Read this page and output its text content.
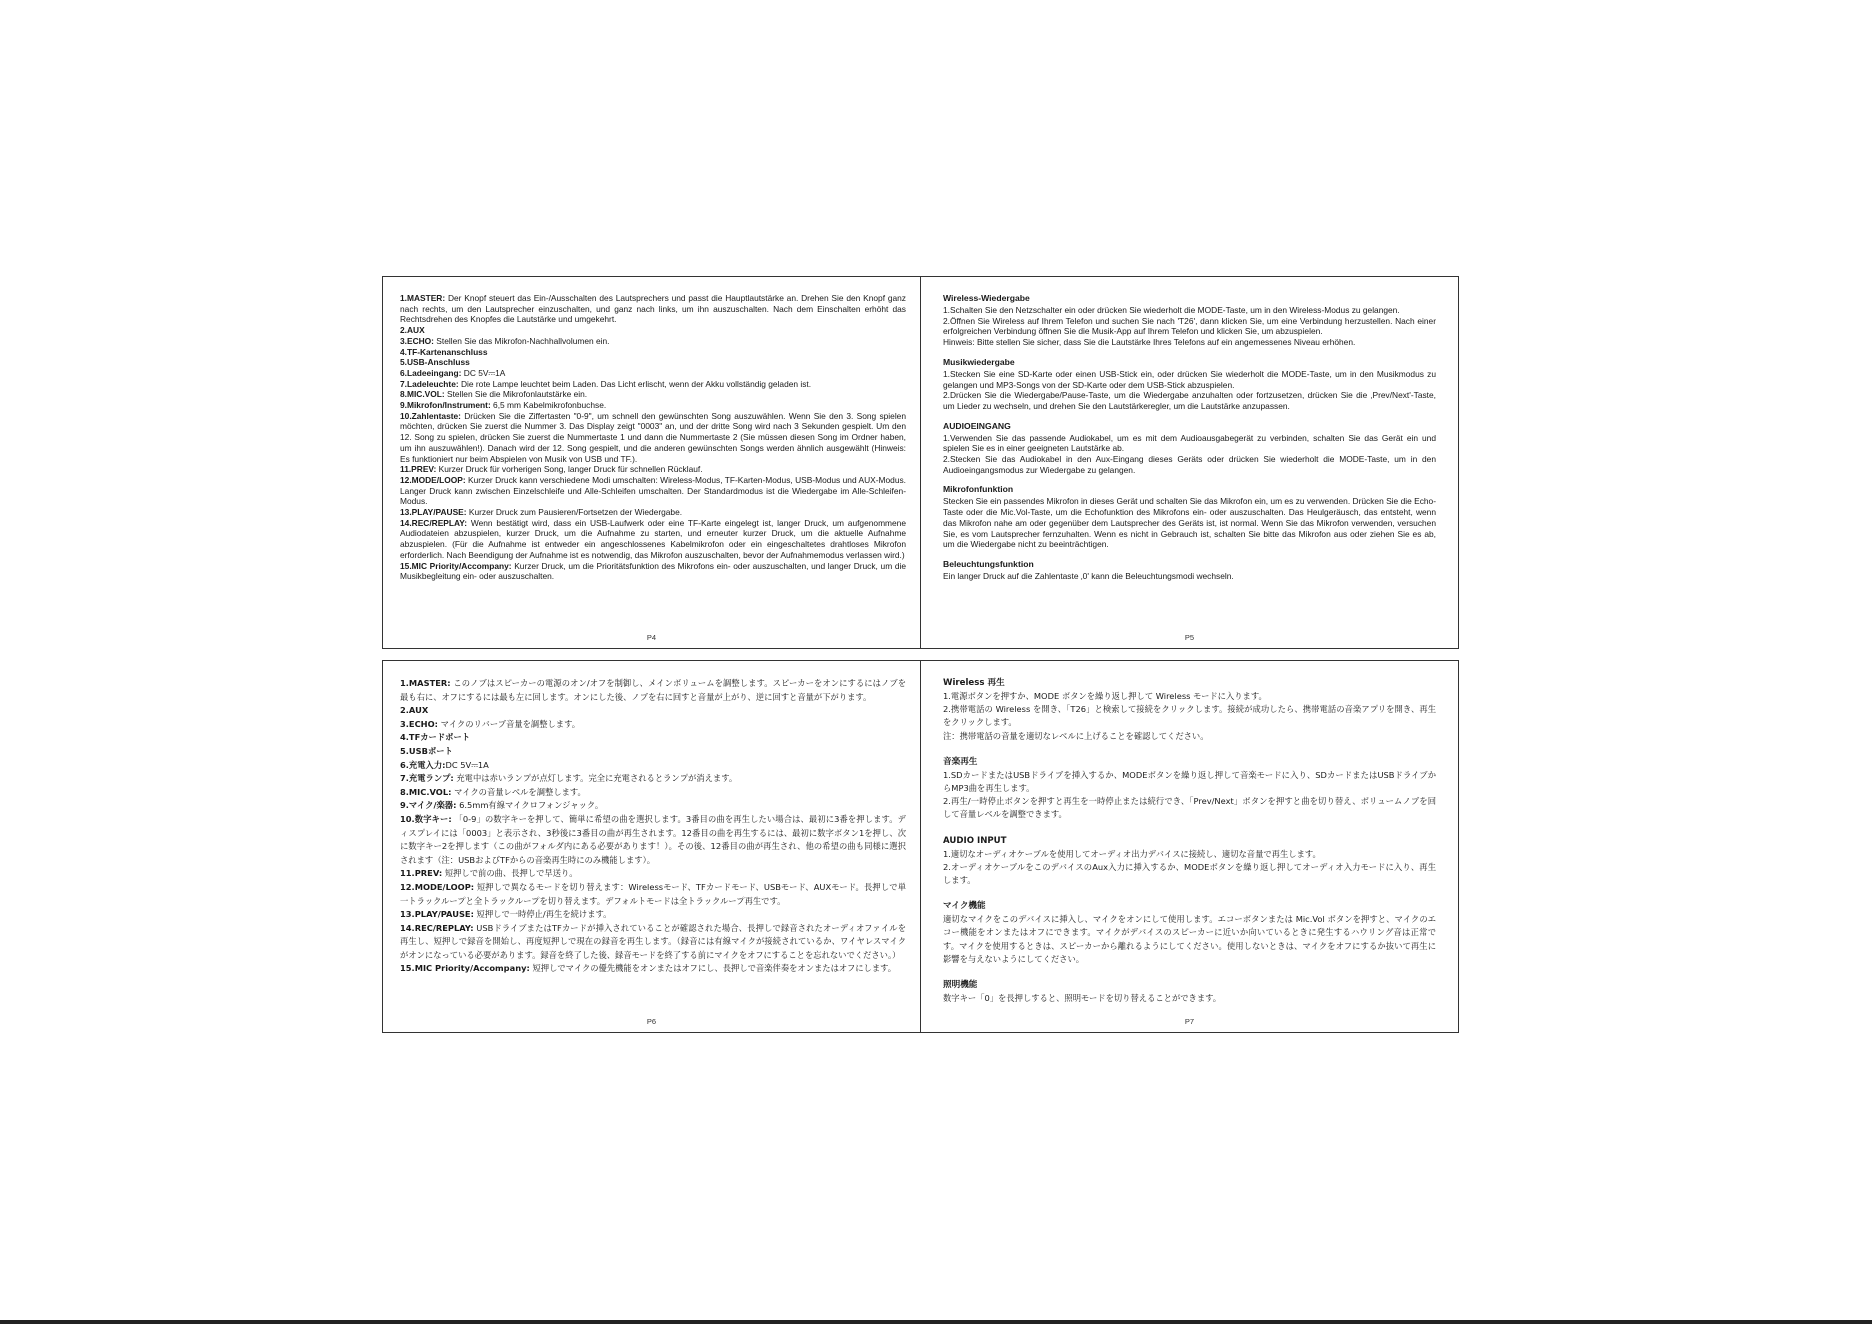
1.MASTER: Der Knopf steuert das Ein-/Ausschalten des Lautsprechers und passt die Hauptlautstärke an. Drehen Sie den Knopf ganz nach rechts, um den Lautsprecher einzuschalten, und ganz nach links, um ihn auszuschalten. Nach dem Einschalten erhöht das Rechtsdrehen des Knopfes die Lautstärke und umgekehrt.
2.AUX
3.ECHO: Stellen Sie das Mikrofon-Nachhallvolumen ein.
4.TF-Kartenanschluss
5.USB-Anschluss
6.Ladeeingang: DC 5V⎓1A
7.Ladeleuchte: Die rote Lampe leuchtet beim Laden. Das Licht erlischt, wenn der Akku vollständig geladen ist.
8.MIC.VOL: Stellen Sie die Mikrofonlautstärke ein.
9.Mikrofon/Instrument: 6,5 mm Kabelmikrofonbuchse.
10.Zahlentaste: Drücken Sie die Ziffertasten "0-9", um schnell den gewünschten Song auszuwählen. Wenn Sie den 3. Song spielen möchten, drücken Sie zuerst die Nummer 3. Das Display zeigt "0003" an, und der dritte Song wird nach 3 Sekunden gespielt. Um den 12. Song zu spielen, drücken Sie zuerst die Nummertaste 1 und dann die Nummertaste 2 (Sie müssen diesen Song im Ordner haben, um ihn auszuwählen!). Danach wird der 12. Song gespielt, und die anderen gewünschten Songs werden ähnlich ausgewählt (Hinweis: Es funktioniert nur beim Abspielen von Musik von USB und TF.).
11.PREV: Kurzer Druck für vorherigen Song, langer Druck für schnellen Rücklauf.
12.MODE/LOOP: Kurzer Druck kann verschiedene Modi umschalten: Wireless-Modus, TF-Karten-Modus, USB-Modus und AUX-Modus. Langer Druck kann zwischen Einzelschleife und Alle-Schleifen umschalten. Der Standardmodus ist die Wiedergabe im Alle-Schleifen-Modus.
13.PLAY/PAUSE: Kurzer Druck zum Pausieren/Fortsetzen der Wiedergabe.
14.REC/REPLAY: Wenn bestätigt wird, dass ein USB-Laufwerk oder eine TF-Karte eingelegt ist, langer Druck, um aufgenommene Audiodateien abzuspielen, kurzer Druck, um die Aufnahme zu starten, und erneuter kurzer Druck, um die aktuelle Aufnahme abzuspielen. (Für die Aufnahme ist entweder ein angeschlossenes Kabelmikrofon oder ein eingeschaltetes drahtloses Mikrofon erforderlich. Nach Beendigung der Aufnahme ist es notwendig, das Mikrofon auszuschalten, bevor der Aufnahmemodus verlassen wird.)
15.MIC Priority/Accompany: Kurzer Druck, um die Prioritätsfunktion des Mikrofons ein- oder auszuschalten, und langer Druck, um die Musikbegleitung ein- oder auszuschalten.
P4
Wireless-Wiedergabe

1.Schalten Sie den Netzschalter ein oder drücken Sie wiederholt die MODE-Taste, um in den Wireless-Modus zu gelangen.

2.Öffnen Sie Wireless auf Ihrem Telefon und suchen Sie nach 'T26', dann klicken Sie, um eine Verbindung herzustellen. Nach einer erfolgreichen Verbindung öffnen Sie die Musik-App auf Ihrem Telefon und klicken Sie, um abzuspielen.

Hinweis: Bitte stellen Sie sicher, dass Sie die Lautstärke Ihres Telefons auf ein angemessenes Niveau erhöhen.

Musikwiedergabe

1.Stecken Sie eine SD-Karte oder einen USB-Stick ein, oder drücken Sie wiederholt die MODE-Taste, um in den Musikmodus zu gelangen und MP3-Songs von der SD-Karte oder dem USB-Stick abzuspielen.

2.Drücken Sie die Wiedergabe/Pause-Taste, um die Wiedergabe anzuhalten oder fortzusetzen, drücken Sie die ‚Prev/Next'-Taste, um Lieder zu wechseln, und drehen Sie den Lautstärkeregler, um die Lautstärke anzupassen.

AUDIOEINGANG

1.Verwenden Sie das passende Audiokabel, um es mit dem Audioausgabegerät zu verbinden, schalten Sie das Gerät ein und spielen Sie es in einer geeigneten Lautstärke ab.

2.Stecken Sie das Audiokabel in den Aux-Eingang dieses Geräts oder drücken Sie wiederholt die MODE-Taste, um in den Audioeingangsmodus zur Wiedergabe zu gelangen.

Mikrofonfunktion

Stecken Sie ein passendes Mikrofon in dieses Gerät und schalten Sie das Mikrofon ein, um es zu verwenden. Drücken Sie die Echo-Taste oder die Mic.Vol-Taste, um die Echofunktion des Mikrofons ein- oder auszuschalten. Das Heulgeräusch, das entsteht, wenn das Mikrofon nahe am oder gegenüber dem Lautsprecher des Geräts ist, ist normal. Wenn Sie das Mikrofon verwenden, versuchen Sie, es vom Lautsprecher fernzuhalten. Wenn es nicht in Gebrauch ist, schalten Sie bitte das Mikrofon aus oder ziehen Sie es ab, um die Wiedergabe nicht zu beeinträchtigen.

Beleuchtungsfunktion

Ein langer Druck auf die Zahlentaste ‚0' kann die Beleuchtungsmodi wechseln.

P5
1.MASTER: このノブはスピーカーの電源のオン/オフを制御し、メインボリュームを調整します。スピーカーをオンにするにはノブを最も右に、オフにするには最も左に回します。オンにした後、ノブを右に回すと音量が上がり、逆に回すと音量が下がります。
2.AUX
3.ECHO: マイクのリバーブ音量を調整します。
4.TFカードポート
5.USBポート
6.充電入力:DC 5V⎓1A
7.充電ランプ: 充電中は赤いランプが点灯します。完全に充電されるとランプが消えます。
8.MIC.VOL: マイクの音量レベルを調整します。
9.マイク/楽器: 6.5mm有線マイクロフォンジャック。
10.数字キー: 「0-9」の数字キーを押して、簡単に希望の曲を選択します。3番目の曲を再生したい場合は、最初に3番を押します。ディスプレイには「0003」と表示され、3秒後に3番目の曲が再生されます。12番目の曲を再生するには、最初に数字ボタン1を押し、次に数字キー2を押します（この曲がフォルダ内にある必要があります！）。その後、12番目の曲が再生され、他の希望の曲も同様に選択されます（注：USBおよびTFからの音楽再生時にのみ機能します）。
11.PREV: 短押しで前の曲、長押しで早送り。
12.MODE/LOOP: 短押しで異なるモードを切り替えます：Wirelessモード、TFカードモード、USBモード、AUXモード。長押しで単一トラックループと全トラックループを切り替えます。デフォルトモードは全トラックループ再生です。
13.PLAY/PAUSE: 短押しで一時停止/再生を続けます。
14.REC/REPLAY: USBドライブまたはTFカードが挿入されていることが確認された場合、長押しで録音されたオーディオファイルを再生し、短押しで録音を開始し、再度短押しで現在の録音を再生します。（録音には有線マイクが接続されているか、ワイヤレスマイクがオンになっている必要があります。録音を終了した後、録音モードを終了する前にマイクをオフにすることを忘れないでください。）
15.MIC Priority/Accompany: 短押しでマイクの優先機能をオンまたはオフにし、長押しで音楽伴奏をオンまたはオフにします。
P6
Wireless 再生

1.電源ボタンを押すか、MODE ボタンを繰り返し押して Wireless モードに入ります。

2.携帯電話の Wireless を開き、「T26」と検索して接続をクリックします。接続が成功したら、携帯電話の音楽アプリを開き、再生をクリックします。

注：携帯電話の音量を適切なレベルに上げることを確認してください。

音楽再生

1.SDカードまたはUSBドライブを挿入するか、MODEボタンを繰り返し押して音楽モードに入り、SDカードまたはUSBドライブからMP3曲を再生します。

2.再生/一時停止ボタンを押すと再生を一時停止または続行でき、「Prev/Next」ボタンを押すと曲を切り替え、ボリュームノブを回して音量レベルを調整できます。

AUDIO INPUT

1.適切なオーディオケーブルを使用してオーディオ出力デバイスに接続し、適切な音量で再生します。

2.オーディオケーブルをこのデバイスのAux入力に挿入するか、MODEボタンを繰り返し押してオーディオ入力モードに入り、再生します。

マイク機能

適切なマイクをこのデバイスに挿入し、マイクをオンにして使用します。エコーボタンまたは Mic.Vol ボタンを押すと、マイクのエコー機能をオンまたはオフにできます。マイクがデバイスのスピーカーに近いか向いているときに発生するハウリング音は正常です。マイクを使用するときは、スピーカーから離れるようにしてください。使用しないときは、マイクをオフにするか抜いて再生に影響を与えないようにしてください。

照明機能

数字キー「0」を長押しすると、照明モードを切り替えることができます。

P7
